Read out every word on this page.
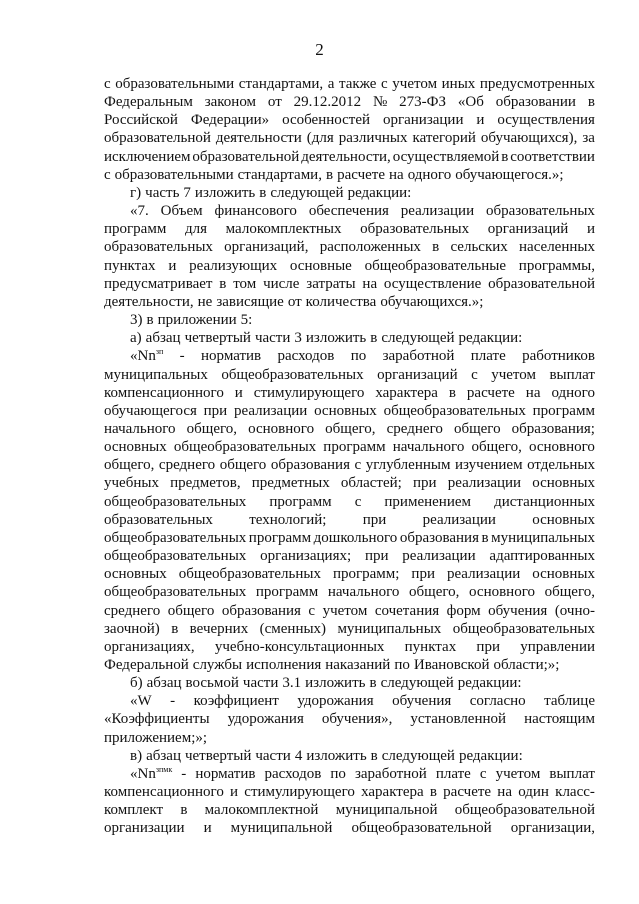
2
с образовательными стандартами, а также с учетом иных предусмотренных
Федеральным законом от 29.12.2012 № 273-ФЗ «Об образовании в
Российской Федерации» особенностей организации и осуществления
образовательной деятельности (для различных категорий обучающихся), за
исключением образовательной деятельности, осуществляемой в соответствии
с образовательными стандартами, в расчете на одного обучающегося.»;
г) часть 7 изложить в следующей редакции:
«7. Объем финансового обеспечения реализации образовательных
программ для малокомплектных образовательных организаций и
образовательных организаций, расположенных в сельских населенных
пунктах и реализующих основные общеобразовательные программы,
предусматривает в том числе затраты на осуществление образовательной
деятельности, не зависящие от количества обучающихся.»;
3) в приложении 5:
а) абзац четвертый части 3 изложить в следующей редакции:
«$Nn^{зп}$ - норматив расходов по заработной плате работников
муниципальных общеобразовательных организаций с учетом выплат
компенсационного и стимулирующего характера в расчете на одного
обучающегося при реализации основных общеобразовательных программ
начального общего, основного общего, среднего общего образования;
основных общеобразовательных программ начального общего, основного
общего, среднего общего образования с углубленным изучением отдельных
учебных предметов, предметных областей; при реализации основных
общеобразовательных программ с применением дистанционных
образовательных технологий; при реализации основных
общеобразовательных программ дошкольного образования в муниципальных
общеобразовательных организациях; при реализации адаптированных
основных общеобразовательных программ; при реализации основных
общеобразовательных программ начального общего, основного общего,
среднего общего образования с учетом сочетания форм обучения (очно-
заочной) в вечерних (сменных) муниципальных общеобразовательных
организациях, учебно-консультационных пунктах при управлении
Федеральной службы исполнения наказаний по Ивановской области;»;
б) абзац восьмой части 3.1 изложить в следующей редакции:
«W - коэффициент удорожания обучения согласно таблице
«Коэффициенты удорожания обучения», установленной настоящим
приложением;»;
в) абзац четвертый части 4 изложить в следующей редакции:
«$Nn^{зпмк}$ - норматив расходов по заработной плате с учетом выплат
компенсационного и стимулирующего характера в расчете на один класс-
комплект в малокомплектной муниципальной общеобразовательной
организации и муниципальной общеобразовательной организации,
